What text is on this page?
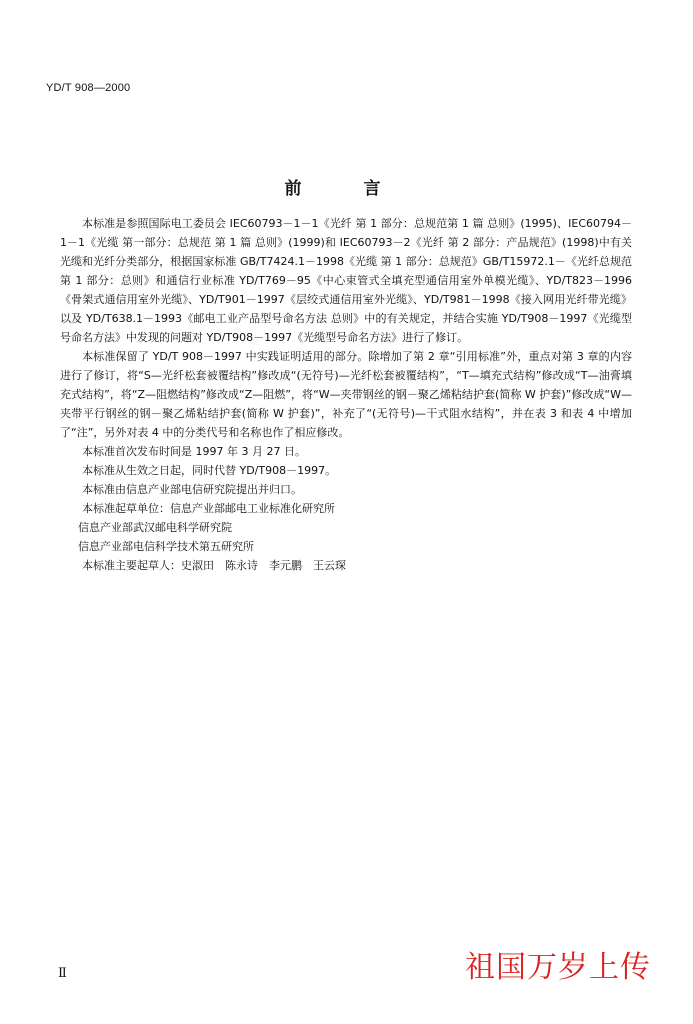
YD/T 908—2000
前 言

本标准是参照国际电工委员会 IEC60793－1－1《光纤 第 1 部分：总规范第 1 篇 总则》(1995)、IEC60794－1－1《光缆 第一部分：总规范 第 1 篇 总则》(1999)和 IEC60793－2《光纤 第 2 部分：产品规范》(1998)中有关光缆和光纤分类部分，根据国家标准 GB/T7424.1－1998《光缆 第 1 部分：总规范》GB/T15972.1－《光纤总规范 第 1 部分：总则》和通信行业标准 YD/T769－95《中心束管式全填充型通信用室外单模光缆》、YD/T823－1996《骨架式通信用室外光缆》、YD/T901－1997《层绞式通信用室外光缆》、YD/T981－1998《接入网用光纤带光缆》以及 YD/T638.1－1993《邮电工业产品型号命名方法 总则》中的有关规定，并结合实施 YD/T908－1997《光缆型号命名方法》中发现的问题对 YD/T908－1997《光缆型号命名方法》进行了修订。

本标准保留了 YD/T 908－1997 中实践证明适用的部分。除增加了第 2 章“引用标准”外，重点对第 3 章的内容进行了修订，将“S—光纤松套被覆结构”修改成“(无符号)—光纤松套被覆结构”，“T—填充式结构”修改成“T—油膏填充式结构”，将“Z—阻燃结构”修改成“Z—阻燃”，将“W—夹带钢丝的钢－聚乙烯粘结护套(简称 W 护套)”修改成“W—夹带平行钢丝的钢－聚乙烯粘结护套(简称 W 护套)”，补充了“(无符号)—干式阻水结构”，并在表 3 和表 4 中增加了“注”，另外对表 4 中的分类代号和名称也作了相应修改。

本标准首次发布时间是 1997 年 3 月 27 日。

本标准从生效之日起，同时代替 YD/T908－1997。

本标准由信息产业部电信研究院提出并归口。

本标准起草单位：信息产业部邮电工业标准化研究所

信息产业部武汉邮电科学研究院

信息产业部电信科学技术第五研究所

本标准主要起草人：史淑田　陈永诗　李元鹏　王云琛

Ⅱ	祖国万岁上传
